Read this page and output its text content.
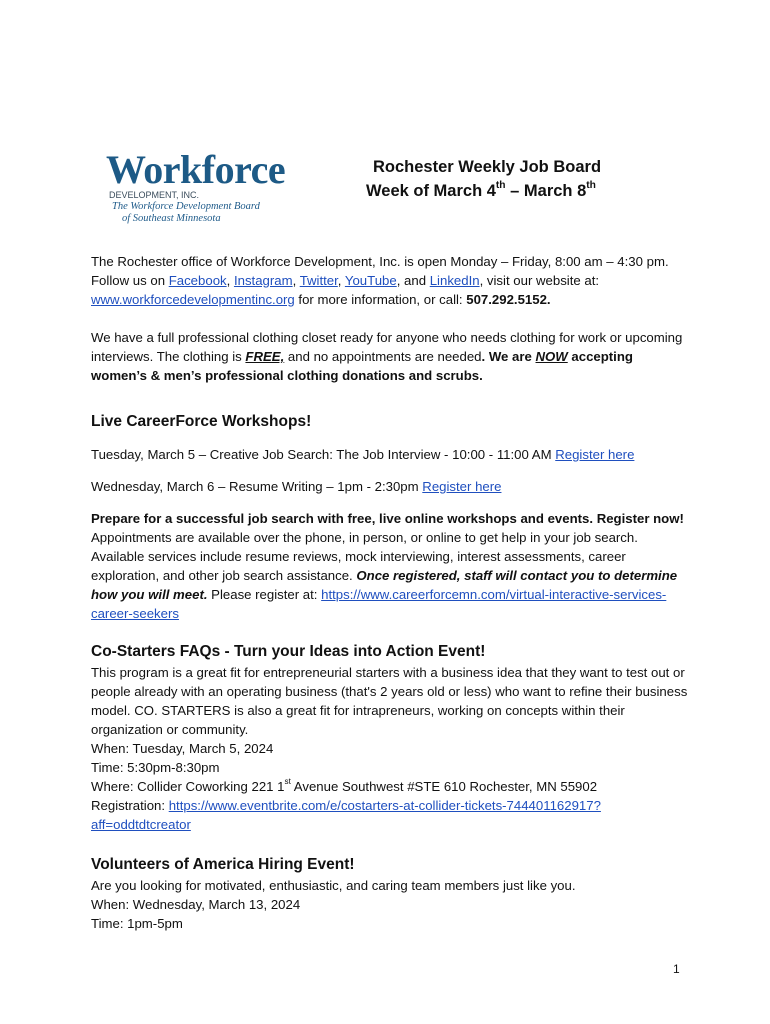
Workforce
DEVELOPMENT, INC.
The Workforce Development Board
of Southeast Minnesota
Rochester Weekly Job Board
Week of March 4th – March 8th

The Rochester office of Workforce Development, Inc. is open Monday – Friday, 8:00 am – 4:30 pm. Follow us on Facebook, Instagram, Twitter, YouTube, and LinkedIn, visit our website at: www.workforcedevelopmentinc.org for more information, or call: 507.292.5152.

We have a full professional clothing closet ready for anyone who needs clothing for work or upcoming interviews. The clothing is FREE, and no appointments are needed. We are NOW accepting women’s & men’s professional clothing donations and scrubs.

Live CareerForce Workshops!

Tuesday, March 5 – Creative Job Search: The Job Interview - 10:00 - 11:00 AM Register here

Wednesday, March 6 – Resume Writing – 1pm - 2:30pm Register here

Prepare for a successful job search with free, live online workshops and events. Register now! Appointments are available over the phone, in person, or online to get help in your job search. Available services include resume reviews, mock interviewing, interest assessments, career exploration, and other job search assistance. Once registered, staff will contact you to determine how you will meet. Please register at: https://www.careerforcemn.com/virtual-interactive-services-career-seekers

Co-Starters FAQs - Turn your Ideas into Action Event!

This program is a great fit for entrepreneurial starters with a business idea that they want to test out or people already with an operating business (that's 2 years old or less) who want to refine their business model. CO. STARTERS is also a great fit for intrapreneurs, working on concepts within their organization or community.

When: Tuesday, March 5, 2024

Time: 5:30pm-8:30pm

Where: Collider Coworking 221 1st Avenue Southwest #STE 610 Rochester, MN 55902

Registration: https://www.eventbrite.com/e/costarters-at-collider-tickets-744401162917?aff=oddtdtcreator

Volunteers of America Hiring Event!

Are you looking for motivated, enthusiastic, and caring team members just like you.

When: Wednesday, March 13, 2024

Time: 1pm-5pm

1
